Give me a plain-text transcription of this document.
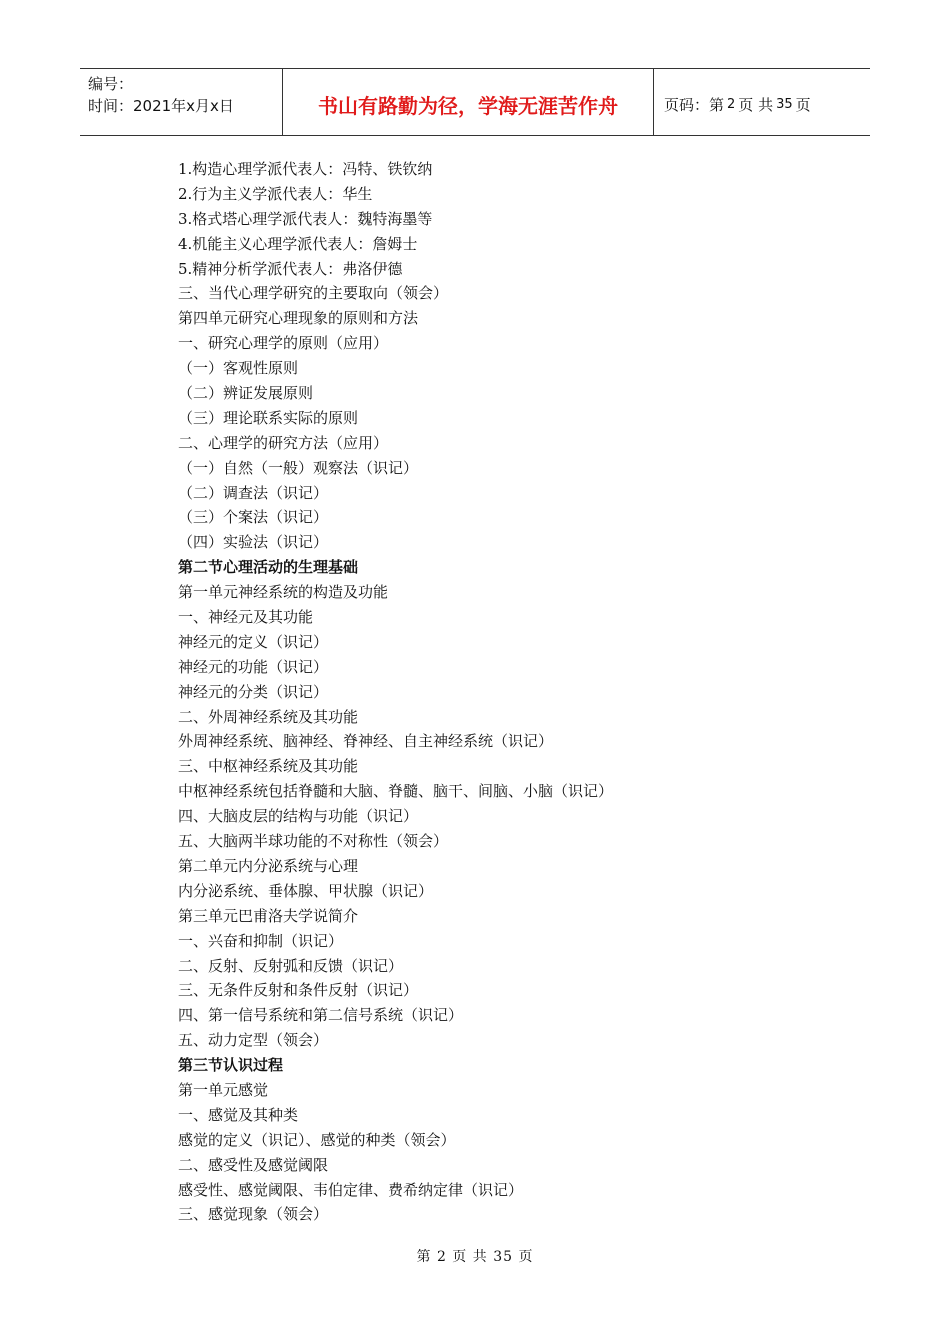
编号：
时间：2021年x月x日	书山有路勤为径，学海无涯苦作舟	页码：第 2 页 共 35 页
1.构造心理学派代表人：冯特、铁钦纳
2.行为主义学派代表人：华生
3.格式塔心理学派代表人：魏特海墨等
4.机能主义心理学派代表人：詹姆士
5.精神分析学派代表人：弗洛伊德
三、当代心理学研究的主要取向（领会）
第四单元研究心理现象的原则和方法
一、研究心理学的原则（应用）
（一）客观性原则
（二）辨证发展原则
（三）理论联系实际的原则
二、心理学的研究方法（应用）
（一）自然（一般）观察法（识记）
（二）调查法（识记）
（三）个案法（识记）
（四）实验法（识记）
第二节心理活动的生理基础
第一单元神经系统的构造及功能
一、神经元及其功能
神经元的定义（识记）
神经元的功能（识记）
神经元的分类（识记）
二、外周神经系统及其功能
外周神经系统、脑神经、脊神经、自主神经系统（识记）
三、中枢神经系统及其功能
中枢神经系统包括脊髓和大脑、脊髓、脑干、间脑、小脑（识记）
四、大脑皮层的结构与功能（识记）
五、大脑两半球功能的不对称性（领会）
第二单元内分泌系统与心理
内分泌系统、垂体腺、甲状腺（识记）
第三单元巴甫洛夫学说简介
一、兴奋和抑制（识记）
二、反射、反射弧和反馈（识记）
三、无条件反射和条件反射（识记）
四、第一信号系统和第二信号系统（识记）
五、动力定型（领会）
第三节认识过程
第一单元感觉
一、感觉及其种类
感觉的定义（识记）、感觉的种类（领会）
二、感受性及感觉阈限
感受性、感觉阈限、韦伯定律、费希纳定律（识记）
三、感觉现象（领会）
第 2 页 共 35 页
